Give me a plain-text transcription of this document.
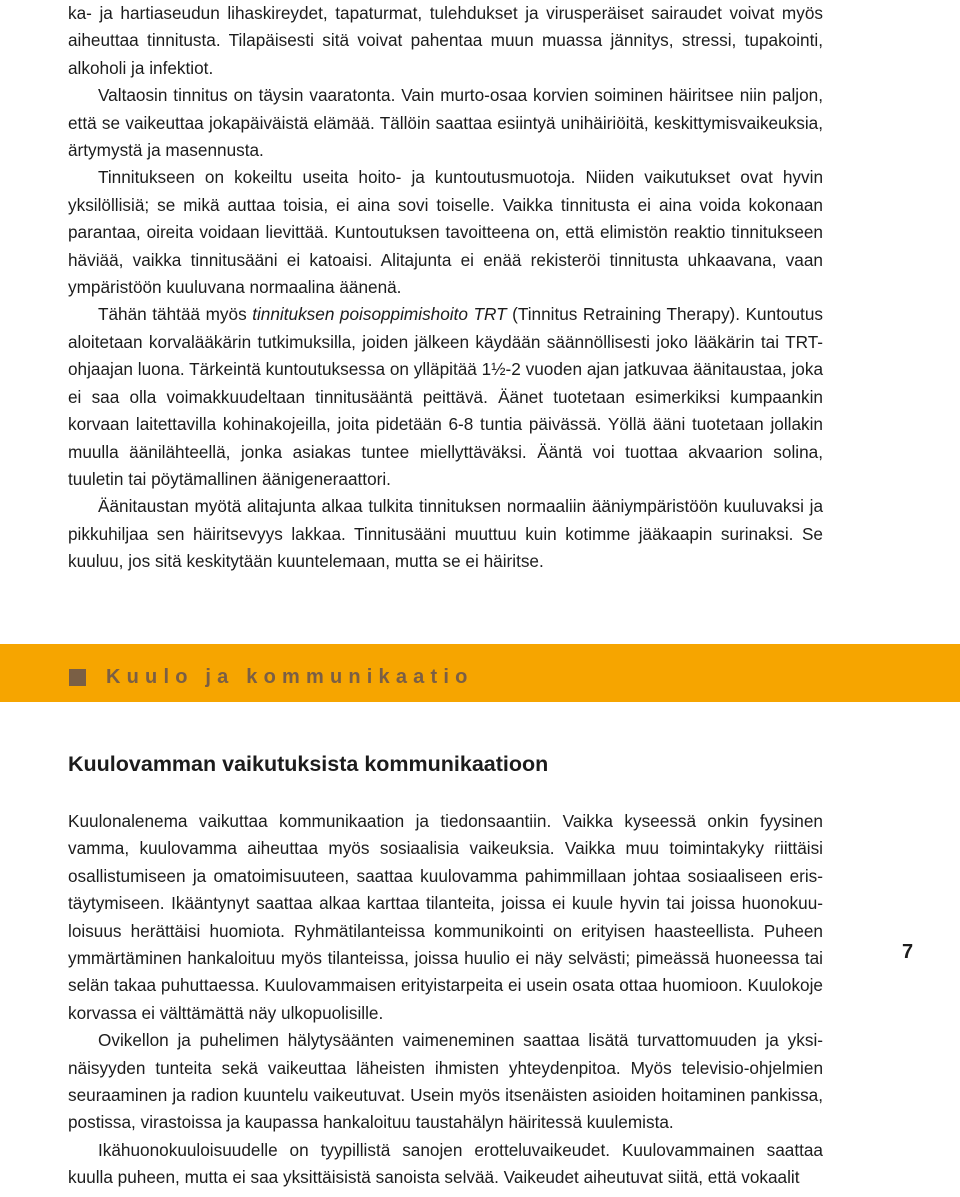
ka- ja hartiaseudun lihaskireydet, tapaturmat, tulehdukset ja virusperäiset sairaudet voivat myös aiheuttaa tinnitusta. Tilapäisesti sitä voivat pahentaa muun muassa jännitys, stressi, tupakointi, alkoholi ja infektiot.

Valtaosin tinnitus on täysin vaaratonta. Vain murto-osaa korvien soiminen häiritsee niin paljon, että se vaikeuttaa jokapäiväistä elämää. Tällöin saattaa esiintyä unihäiriöitä, keskittymisvaikeuksia, ärtymystä ja masennusta.

Tinnitukseen on kokeiltu useita hoito- ja kuntoutusmuotoja. Niiden vaikutukset ovat hyvin yksilöllisiä; se mikä auttaa toisia, ei aina sovi toiselle. Vaikka tinnitusta ei aina voida kokonaan parantaa, oireita voidaan lievittää. Kuntoutuksen tavoitteena on, että elimistön reaktio tinnitukseen häviää, vaikka tinnitusääni ei katoaisi. Alitajunta ei enää rekisteröi tinnitusta uhkaavana, vaan ympäristöön kuuluvana normaalina äänenä.

Tähän tähtää myös tinnituksen poisoppimishoito TRT (Tinnitus Retraining Therapy). Kuntoutus aloitetaan korvalääkärin tutkimuksilla, joiden jälkeen käydään säännöllisesti joko lääkärin tai TRT-ohjaajan luona. Tärkeintä kuntoutuksessa on ylläpitää 1½-2 vuoden ajan jatkuvaa äänitaustaa, joka ei saa olla voimakkuudeltaan tinnitusääntä peittävä. Äänet tuotetaan esimerkiksi kumpaankin korvaan laitettavilla kohinakojeilla, joita pidetään 6-8 tuntia päivässä. Yöllä ääni tuotetaan jollakin muulla äänilähteellä, jonka asiakas tuntee miellyttäväksi. Ääntä voi tuottaa akvaarion solina, tuuletin tai pöytämallinen äänigeneraattori.

Äänitaustan myötä alitajunta alkaa tulkita tinnituksen normaaliin ääniympäristöön kuuluvaksi ja pikkuhiljaa sen häiritsevyys lakkaa. Tinnitusääni muuttuu kuin kotimme jääkaapin surinaksi. Se kuuluu, jos sitä keskitytään kuuntelemaan, mutta se ei häiritse.

Kuulo ja kommunikaatio
Kuulovamman vaikutuksista kommunikaatioon

Kuulonalenema vaikuttaa kommunikaation ja tiedonsaantiin. Vaikka kyseessä onkin fyysinen vamma, kuulovamma aiheuttaa myös sosiaalisia vaikeuksia. Vaikka muu toimintakyky riittäisi osallistumiseen ja omatoimisuuteen, saattaa kuulovamma pahimmillaan johtaa sosiaaliseen eristäytymiseen. Ikääntynyt saattaa alkaa karttaa tilanteita, joissa ei kuule hyvin tai joissa huonokuuloisuus herättäisi huomiota. Ryhmätilanteissa kommunikointi on erityisen haasteellista. Puheen ymmärtäminen hankaloituu myös tilanteissa, joissa huulio ei näy selvästi; pimeässä huoneessa tai selän takaa puhuttaessa. Kuulovammaisen erityistarpeita ei usein osata ottaa huomioon. Kuulokoje korvassa ei välttämättä näy ulkopuolisille.

Ovikellon ja puhelimen hälytysäänten vaimeneminen saattaa lisätä turvattomuuden ja yksinäisyyden tunteita sekä vaikeuttaa läheisten ihmisten yhteydenpitoa. Myös televisio-ohjelmien seuraaminen ja radion kuuntelu vaikeutuvat. Usein myös itsenäisten asioiden hoitaminen pankissa, postissa, virastoissa ja kaupassa hankaloituu taustahälyn häiritessä kuulemista.

Ikähuonokuuloisuudelle on tyypillistä sanojen erotteluvaikeudet. Kuulovammainen saattaa kuulla puheen, mutta ei saa yksittäisistä sanoista selvää. Vaikeudet aiheutuvat siitä, että vokaalit

7
